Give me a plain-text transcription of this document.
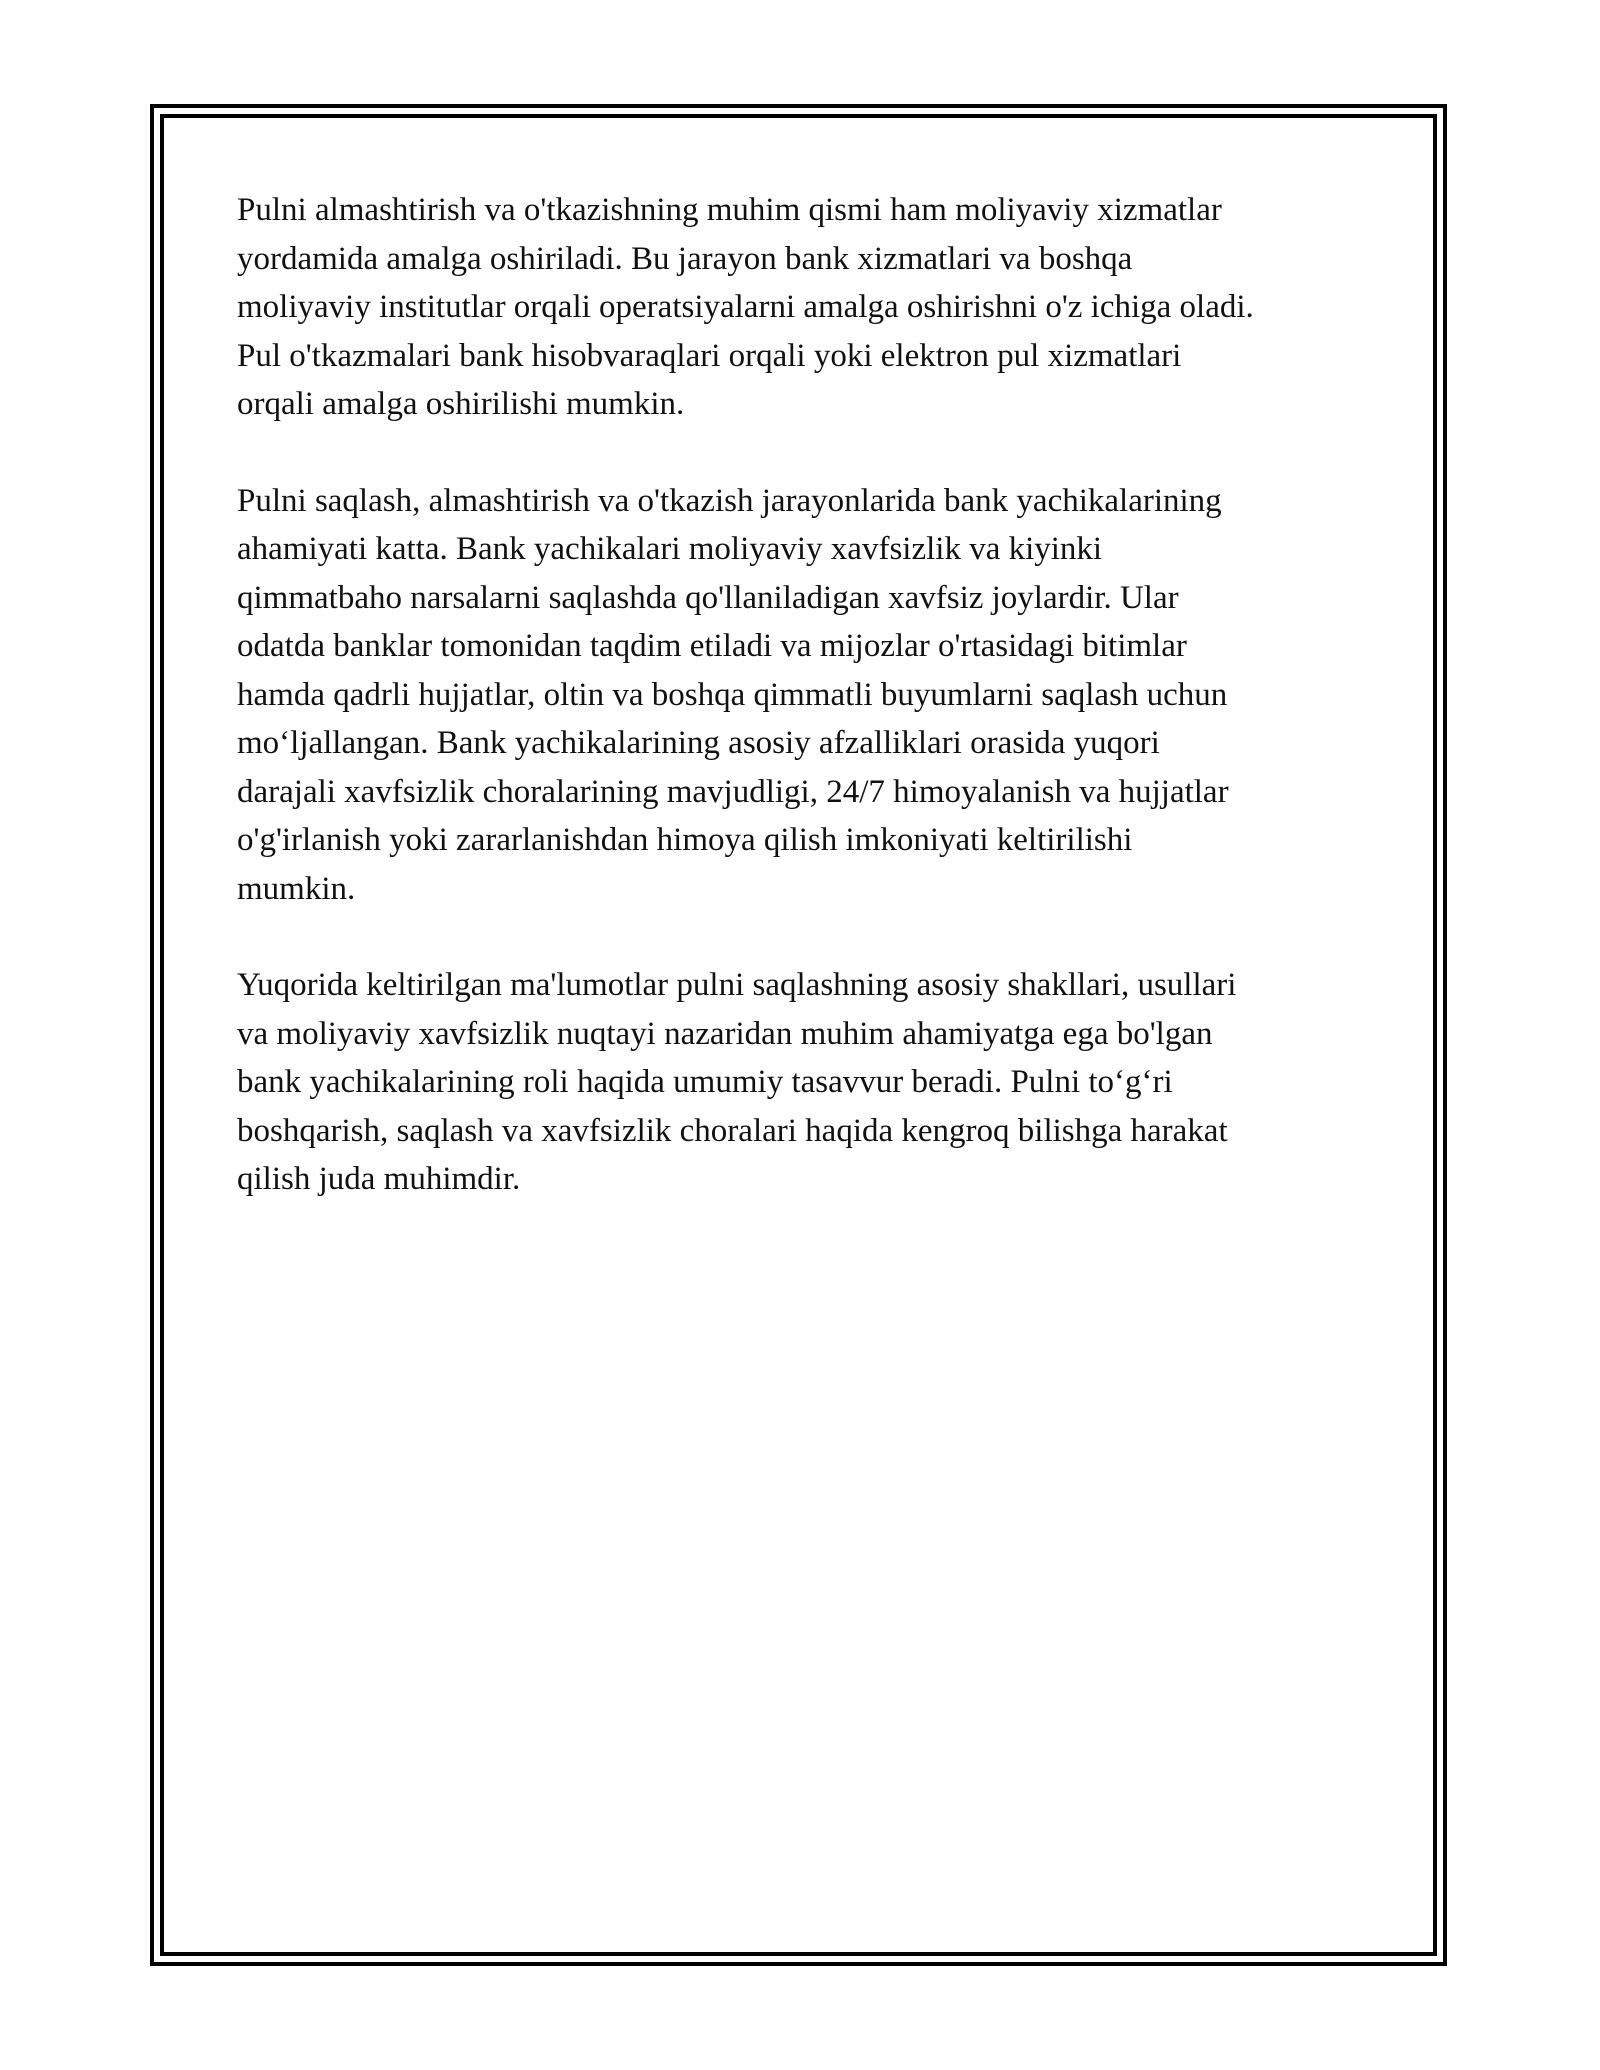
Pulni almashtirish va o'tkazishning muhim qismi ham moliyaviy xizmatlar
yordamida amalga oshiriladi. Bu jarayon bank xizmatlari va boshqa
moliyaviy institutlar orqali operatsiyalarni amalga oshirishni o'z ichiga oladi.
Pul o'tkazmalari bank hisobvaraqlari orqali yoki elektron pul xizmatlari
orqali amalga oshirilishi mumkin.

Pulni saqlash, almashtirish va o'tkazish jarayonlarida bank yachikalarining
ahamiyati katta. Bank yachikalari moliyaviy xavfsizlik va kiyinki
qimmatbaho narsalarni saqlashda qo'llaniladigan xavfsiz joylardir. Ular
odatda banklar tomonidan taqdim etiladi va mijozlar o'rtasidagi bitimlar
hamda qadrli hujjatlar, oltin va boshqa qimmatli buyumlarni saqlash uchun
mo‘ljallangan. Bank yachikalarining asosiy afzalliklari orasida yuqori
darajali xavfsizlik choralarining mavjudligi, 24/7 himoyalanish va hujjatlar
o'g'irlanish yoki zararlanishdan himoya qilish imkoniyati keltirilishi
mumkin.

Yuqorida keltirilgan ma'lumotlar pulni saqlashning asosiy shakllari, usullari
va moliyaviy xavfsizlik nuqtayi nazaridan muhim ahamiyatga ega bo'lgan
bank yachikalarining roli haqida umumiy tasavvur beradi. Pulni to‘g‘ri
boshqarish, saqlash va xavfsizlik choralari haqida kengroq bilishga harakat
qilish juda muhimdir.
